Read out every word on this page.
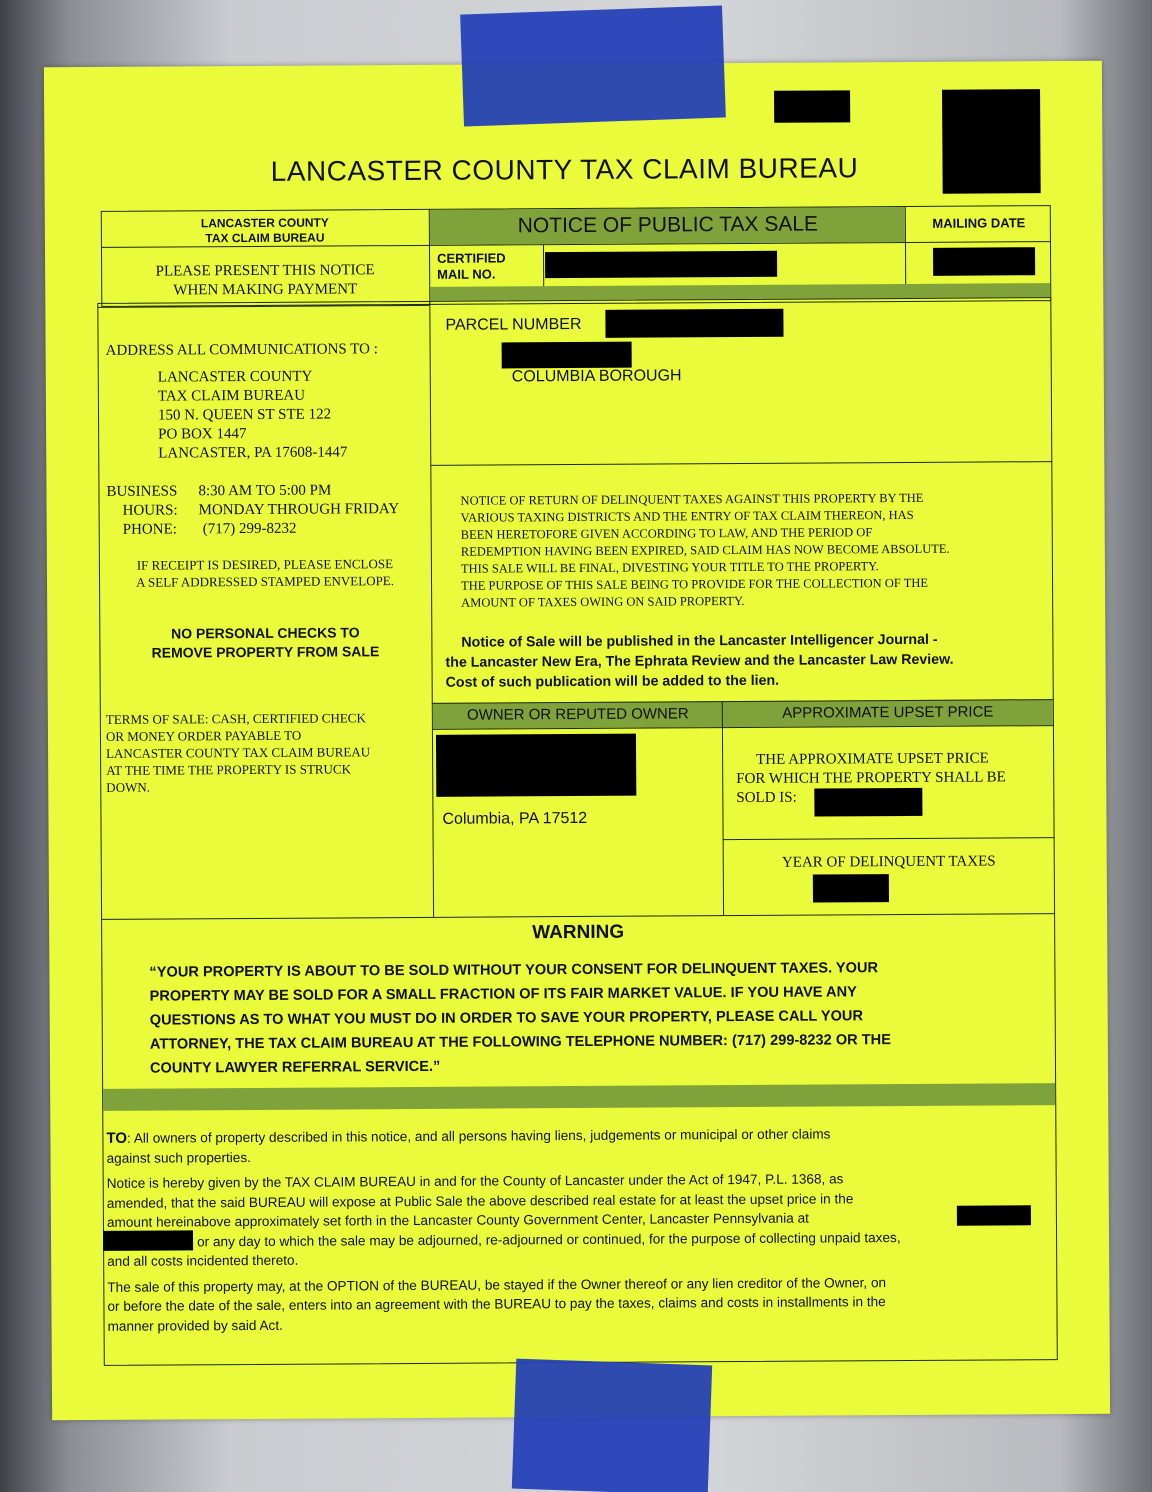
LANCASTER COUNTY TAX CLAIM BUREAU
LANCASTER COUNTY
TAX CLAIM BUREAU
NOTICE OF PUBLIC TAX SALE	MAILING DATE
PLEASE PRESENT THIS NOTICE
WHEN MAKING PAYMENT
CERTIFIED
MAIL NO.
PARCEL NUMBER
COLUMBIA BOROUGH
ADDRESS ALL COMMUNICATIONS TO :
LANCASTER COUNTY
TAX CLAIM BUREAU
150 N. QUEEN ST STE 122
PO BOX 1447
LANCASTER, PA 17608-1447
BUSINESS 8:30 AM TO 5:00 PM
HOURS: MONDAY THROUGH FRIDAY
PHONE: (717) 299-8232
IF RECEIPT IS DESIRED, PLEASE ENCLOSE
A SELF ADDRESSED STAMPED ENVELOPE.
NO PERSONAL CHECKS TO
REMOVE PROPERTY FROM SALE
TERMS OF SALE: CASH, CERTIFIED CHECK
OR MONEY ORDER PAYABLE TO
LANCASTER COUNTY TAX CLAIM BUREAU
AT THE TIME THE PROPERTY IS STRUCK
DOWN.
NOTICE OF RETURN OF DELINQUENT TAXES AGAINST THIS PROPERTY BY THE
VARIOUS TAXING DISTRICTS AND THE ENTRY OF TAX CLAIM THEREON, HAS
BEEN HERETOFORE GIVEN ACCORDING TO LAW, AND THE PERIOD OF
REDEMPTION HAVING BEEN EXPIRED, SAID CLAIM HAS NOW BECOME ABSOLUTE.
THIS SALE WILL BE FINAL, DIVESTING YOUR TITLE TO THE PROPERTY.
THE PURPOSE OF THIS SALE BEING TO PROVIDE FOR THE COLLECTION OF THE
AMOUNT OF TAXES OWING ON SAID PROPERTY.
Notice of Sale will be published in the Lancaster Intelligencer Journal -
the Lancaster New Era, The Ephrata Review and the Lancaster Law Review.
Cost of such publication will be added to the lien.
OWNER OR REPUTED OWNER	APPROXIMATE UPSET PRICE
Columbia, PA 17512
THE APPROXIMATE UPSET PRICE
FOR WHICH THE PROPERTY SHALL BE
SOLD IS:
YEAR OF DELINQUENT TAXES
WARNING
“YOUR PROPERTY IS ABOUT TO BE SOLD WITHOUT YOUR CONSENT FOR DELINQUENT TAXES. YOUR
PROPERTY MAY BE SOLD FOR A SMALL FRACTION OF ITS FAIR MARKET VALUE. IF YOU HAVE ANY
QUESTIONS AS TO WHAT YOU MUST DO IN ORDER TO SAVE YOUR PROPERTY, PLEASE CALL YOUR
ATTORNEY, THE TAX CLAIM BUREAU AT THE FOLLOWING TELEPHONE NUMBER: (717) 299-8232 OR THE
COUNTY LAWYER REFERRAL SERVICE.”
TO: All owners of property described in this notice, and all persons having liens, judgements or municipal or other claims
against such properties.
Notice is hereby given by the TAX CLAIM BUREAU in and for the County of Lancaster under the Act of 1947, P.L. 1368, as
amended, that the said BUREAU will expose at Public Sale the above described real estate for at least the upset price in the
amount hereinabove approximately set forth in the Lancaster County Government Center, Lancaster Pennsylvania at
or any day to which the sale may be adjourned, re-adjourned or continued, for the purpose of collecting unpaid taxes,
and all costs incidented thereto.
The sale of this property may, at the OPTION of the BUREAU, be stayed if the Owner thereof or any lien creditor of the Owner, on
or before the date of the sale, enters into an agreement with the BUREAU to pay the taxes, claims and costs in installments in the
manner provided by said Act.
